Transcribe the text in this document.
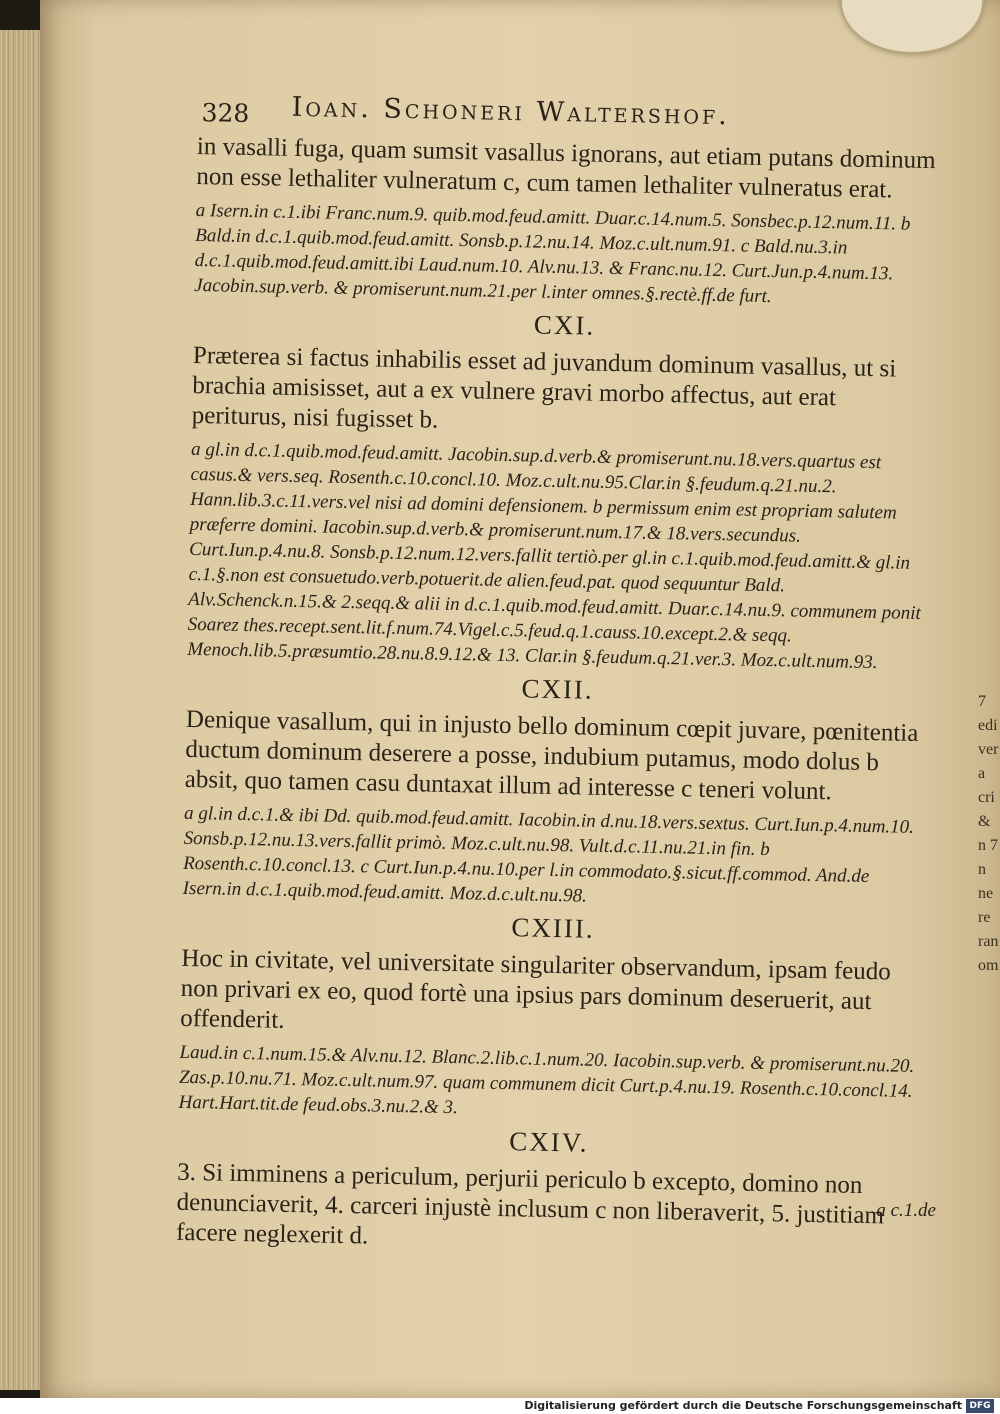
328 Ioan. Schoneri Waltershof.

in vasalli fuga, quam sumsit vasallus ignorans, aut etiam putans dominum non esse lethaliter vulneratum c, cum tamen lethaliter vulneratus erat.

a Isern.in c.1.ibi Franc.num.9. quib.mod.feud.amitt. Duar.c.14.num.5. Sonsbec.p.12.num.11. b Bald.in d.c.1.quib.mod.feud.amitt. Sonsb.p.12.nu.14. Moz.c.ult.num.91. c Bald.nu.3.in d.c.1.quib.mod.feud.amitt.ibi Laud.num.10. Alv.nu.13. & Franc.nu.12. Curt.Jun.p.4.num.13. Jacobin.sup.verb. & promiserunt.num.21.per l.inter omnes.§.rectè.ff.de furt.

CXI.

Præterea si factus inhabilis esset ad juvandum dominum vasallus, ut si brachia amisisset, aut a ex vulnere gravi morbo affectus, aut erat periturus, nisi fugisset b.

a gl.in d.c.1.quib.mod.feud.amitt. Jacobin.sup.d.verb.& promiserunt.nu.18.vers.quartus est casus.& vers.seq. Rosenth.c.10.concl.10. Moz.c.ult.nu.95.Clar.in §.feudum.q.21.nu.2. Hann.lib.3.c.11.vers.vel nisi ad domini defensionem. b permissum enim est propriam salutem præferre domini. Iacobin.sup.d.verb.& promiserunt.num.17.& 18.vers.secundus. Curt.Iun.p.4.nu.8. Sonsb.p.12.num.12.vers.fallit tertiò.per gl.in c.1.quib.mod.feud.amitt.& gl.in c.1.§.non est consuetudo.verb.potuerit.de alien.feud.pat. quod sequuntur Bald. Alv.Schenck.n.15.& 2.seqq.& alii in d.c.1.quib.mod.feud.amitt. Duar.c.14.nu.9. communem ponit Soarez thes.recept.sent.lit.f.num.74.Vigel.c.5.feud.q.1.causs.10.except.2.& seqq. Menoch.lib.5.præsumtio.28.nu.8.9.12.& 13. Clar.in §.feudum.q.21.ver.3. Moz.c.ult.num.93.

CXII.

Denique vasallum, qui in injusto bello dominum cœpit juvare, pœnitentia ductum dominum deserere a posse, indubium putamus, modo dolus b absit, quo tamen casu duntaxat illum ad interesse c teneri volunt.

a gl.in d.c.1.& ibi Dd. quib.mod.feud.amitt. Iacobin.in d.nu.18.vers.sextus. Curt.Iun.p.4.num.10. Sonsb.p.12.nu.13.vers.fallit primò. Moz.c.ult.nu.98. Vult.d.c.11.nu.21.in fin. b Rosenth.c.10.concl.13. c Curt.Iun.p.4.nu.10.per l.in commodato.§.sicut.ff.commod. And.de Isern.in d.c.1.quib.mod.feud.amitt. Moz.d.c.ult.nu.98.

CXIII.

Hoc in civitate, vel universitate singulariter observandum, ipsam feudo non privari ex eo, quod fortè una ipsius pars dominum deseruerit, aut offenderit.

Laud.in c.1.num.15.& Alv.nu.12. Blanc.2.lib.c.1.num.20. Iacobin.sup.verb. & promiserunt.nu.20. Zas.p.10.nu.71. Moz.c.ult.num.97. quam communem dicit Curt.p.4.nu.19. Rosenth.c.10.concl.14. Hart.Hart.tit.de feud.obs.3.nu.2.& 3.

CXIV.

3. Si imminens a periculum, perjurii periculo b excepto, domino non denunciaverit, 4. carceri injustè inclusum c non liberaverit, 5. justitiam facere neglexerit d.

a c.1.de
7 edi ver a cri & n 7 n ne re ran om
Digitalisierung gefördert durch die Deutsche Forschungsgemeinschaft DFG
